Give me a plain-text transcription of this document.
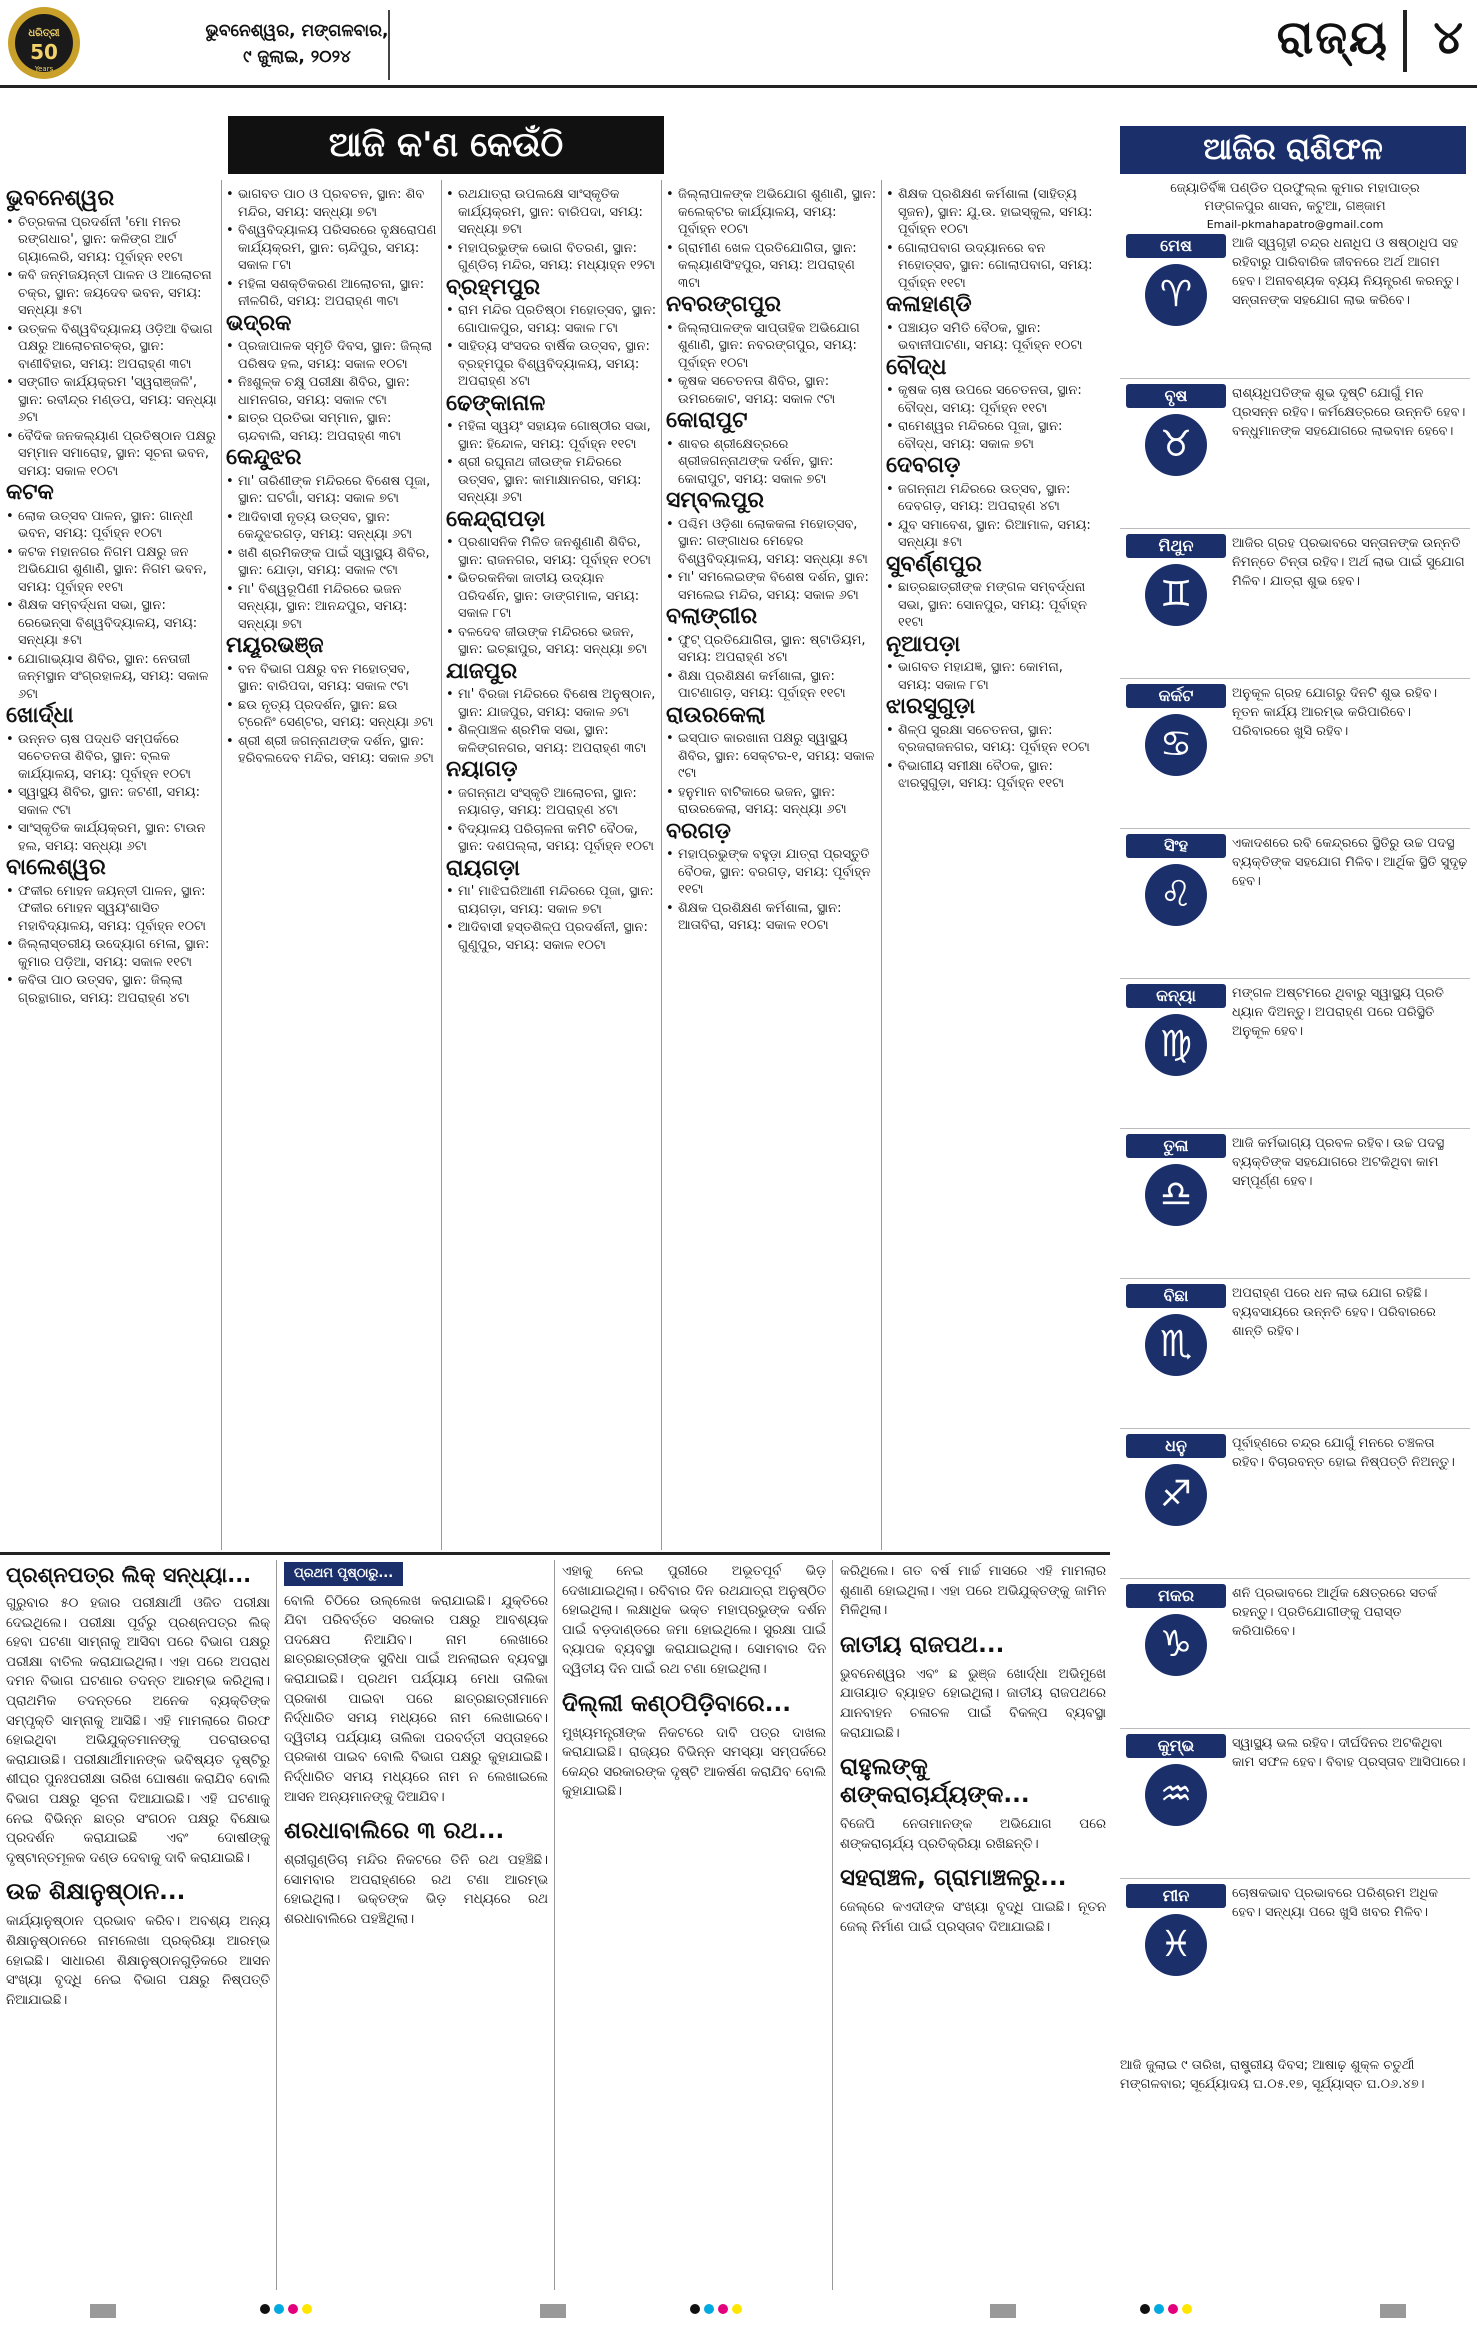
ଧରିତ୍ରୀ
50
Years
ଭୁବନେଶ୍ୱର, ମଙ୍ଗଳବାର,
୯ ଜୁଲାଇ, ୨୦୨୪	ରାଜ୍ୟ ୪
ଆଜି କ'ଣ କେଉଁଠି
ଭୁବନେଶ୍ୱର
• ଚିତ୍ରକଳା ପ୍ରଦର୍ଶନୀ 'ମୋ ମନର ରଙ୍ଗଧାର', ସ୍ଥାନ: କଳିଙ୍ଗ ଆର୍ଟ ଗ୍ୟାଲେରି, ସମୟ: ପୂର୍ବାହ୍ନ ୧୧ଟା
• କବି ଜନ୍ମଜୟନ୍ତୀ ପାଳନ ଓ ଆଲୋଚନା ଚକ୍ର, ସ୍ଥାନ: ଜୟଦେବ ଭବନ, ସମୟ: ସନ୍ଧ୍ୟା ୫ଟା
• ଉତ୍କଳ ବିଶ୍ୱବିଦ୍ୟାଳୟ ଓଡ଼ିଆ ବିଭାଗ ପକ୍ଷରୁ ଆଲୋଚନାଚକ୍ର, ସ୍ଥାନ: ବାଣୀବିହାର, ସମୟ: ଅପରାହ୍ଣ ୩ଟା
• ସଙ୍ଗୀତ କାର୍ଯ୍ୟକ୍ରମ 'ସ୍ୱରାଞ୍ଜଳି', ସ୍ଥାନ: ରବୀନ୍ଦ୍ର ମଣ୍ଡପ, ସମୟ: ସନ୍ଧ୍ୟା ୬ଟା
• ବୈଦିକ ଜନକଲ୍ୟାଣ ପ୍ରତିଷ୍ଠାନ ପକ୍ଷରୁ ସମ୍ମାନ ସମାରୋହ, ସ୍ଥାନ: ସୂଚନା ଭବନ, ସମୟ: ସକାଳ ୧୦ଟା
କଟକ
• ଲୋକ ଉତ୍ସବ ପାଳନ, ସ୍ଥାନ: ଗାନ୍ଧୀ ଭବନ, ସମୟ: ପୂର୍ବାହ୍ନ ୧୦ଟା
• କଟକ ମହାନଗର ନିଗମ ପକ୍ଷରୁ ଜନ ଅଭିଯୋଗ ଶୁଣାଣି, ସ୍ଥାନ: ନିଗମ ଭବନ, ସମୟ: ପୂର୍ବାହ୍ନ ୧୧ଟା
• ଶିକ୍ଷକ ସମ୍ବର୍ଦ୍ଧନା ସଭା, ସ୍ଥାନ: ରେଭେନ୍ସା ବିଶ୍ୱବିଦ୍ୟାଳୟ, ସମୟ: ସନ୍ଧ୍ୟା ୫ଟା
• ଯୋଗାଭ୍ୟାସ ଶିବିର, ସ୍ଥାନ: ନେତାଜୀ ଜନ୍ମସ୍ଥାନ ସଂଗ୍ରହାଳୟ, ସମୟ: ସକାଳ ୬ଟା
ଖୋର୍ଦ୍ଧା
• ଉନ୍ନତ ଚାଷ ପଦ୍ଧତି ସମ୍ପର୍କରେ ସଚେତନତା ଶିବିର, ସ୍ଥାନ: ବ୍ଲକ କାର୍ଯ୍ୟାଳୟ, ସମୟ: ପୂର୍ବାହ୍ନ ୧୦ଟା
• ସ୍ୱାସ୍ଥ୍ୟ ଶିବିର, ସ୍ଥାନ: ଜଟଣୀ, ସମୟ: ସକାଳ ୯ଟା
• ସାଂସ୍କୃତିକ କାର୍ଯ୍ୟକ୍ରମ, ସ୍ଥାନ: ଟାଉନ ହଲ, ସମୟ: ସନ୍ଧ୍ୟା ୬ଟା
ବାଲେଶ୍ୱର
• ଫକୀର ମୋହନ ଜୟନ୍ତୀ ପାଳନ, ସ୍ଥାନ: ଫକୀର ମୋହନ ସ୍ୱୟଂଶାସିତ ମହାବିଦ୍ୟାଳୟ, ସମୟ: ପୂର୍ବାହ୍ନ ୧୦ଟା
• ଜିଲ୍ଲାସ୍ତରୀୟ ଉଦ୍ୟୋଗ ମେଳା, ସ୍ଥାନ: କୁମାର ପଡ଼ିଆ, ସମୟ: ସକାଳ ୧୧ଟା
• କବିତା ପାଠ ଉତ୍ସବ, ସ୍ଥାନ: ଜିଲ୍ଲା ଗ୍ରନ୍ଥାଗାର, ସମୟ: ଅପରାହ୍ଣ ୪ଟା
• ଭାଗବତ ପାଠ ଓ ପ୍ରବଚନ, ସ୍ଥାନ: ଶିବ ମନ୍ଦିର, ସମୟ: ସନ୍ଧ୍ୟା ୭ଟା
• ବିଶ୍ୱବିଦ୍ୟାଳୟ ପରିସରରେ ବୃକ୍ଷରୋପଣ କାର୍ଯ୍ୟକ୍ରମ, ସ୍ଥାନ: ଚାନ୍ଦିପୁର, ସମୟ: ସକାଳ ୮ଟା
• ମହିଳା ସଶକ୍ତିକରଣ ଆଲୋଚନା, ସ୍ଥାନ: ନୀଳଗିରି, ସମୟ: ଅପରାହ୍ଣ ୩ଟା
ଭଦ୍ରକ
• ପ୍ରଜାପାଳକ ସ୍ମୃତି ଦିବସ, ସ୍ଥାନ: ଜିଲ୍ଲା ପରିଷଦ ହଲ, ସମୟ: ସକାଳ ୧୦ଟା
• ନିଃଶୁଳ୍କ ଚକ୍ଷୁ ପରୀକ୍ଷା ଶିବିର, ସ୍ଥାନ: ଧାମନଗର, ସମୟ: ସକାଳ ୯ଟା
• ଛାତ୍ର ପ୍ରତିଭା ସମ୍ମାନ, ସ୍ଥାନ: ଚାନ୍ଦବାଲି, ସମୟ: ଅପରାହ୍ଣ ୩ଟା
କେନ୍ଦୁଝର
• ମା' ତାରିଣୀଙ୍କ ମନ୍ଦିରରେ ବିଶେଷ ପୂଜା, ସ୍ଥାନ: ଘଟଗାଁ, ସମୟ: ସକାଳ ୭ଟା
• ଆଦିବାସୀ ନୃତ୍ୟ ଉତ୍ସବ, ସ୍ଥାନ: କେନ୍ଦୁଝରଗଡ଼, ସମୟ: ସନ୍ଧ୍ୟା ୬ଟା
• ଖଣି ଶ୍ରମିକଙ୍କ ପାଇଁ ସ୍ୱାସ୍ଥ୍ୟ ଶିବିର, ସ୍ଥାନ: ଯୋଡ଼ା, ସମୟ: ସକାଳ ୯ଟା
• ମା' ବିଶ୍ୱରୂପିଣୀ ମନ୍ଦିରରେ ଭଜନ ସନ୍ଧ୍ୟା, ସ୍ଥାନ: ଆନନ୍ଦପୁର, ସମୟ: ସନ୍ଧ୍ୟା ୭ଟା
ମୟୂରଭଞ୍ଜ
• ବନ ବିଭାଗ ପକ୍ଷରୁ ବନ ମହୋତ୍ସବ, ସ୍ଥାନ: ବାରିପଦା, ସମୟ: ସକାଳ ୯ଟା
• ଛଉ ନୃତ୍ୟ ପ୍ରଦର୍ଶନ, ସ୍ଥାନ: ଛଉ ଟ୍ରେନିଂ ସେଣ୍ଟର, ସମୟ: ସନ୍ଧ୍ୟା ୬ଟା
• ଶ୍ରୀ ଶ୍ରୀ ଜଗନ୍ନାଥଙ୍କ ଦର୍ଶନ, ସ୍ଥାନ: ହରିବଲଦେବ ମନ୍ଦିର, ସମୟ: ସକାଳ ୬ଟା
• ରଥଯାତ୍ରା ଉପଲକ୍ଷେ ସାଂସ୍କୃତିକ କାର୍ଯ୍ୟକ୍ରମ, ସ୍ଥାନ: ବାରିପଦା, ସମୟ: ସନ୍ଧ୍ୟା ୭ଟା
• ମହାପ୍ରଭୁଙ୍କ ଭୋଗ ବିତରଣ, ସ୍ଥାନ: ଗୁଣ୍ଡିଚା ମନ୍ଦିର, ସମୟ: ମଧ୍ୟାହ୍ନ ୧୨ଟା
ବ୍ରହ୍ମପୁର
• ରାମ ମନ୍ଦିର ପ୍ରତିଷ୍ଠା ମହୋତ୍ସବ, ସ୍ଥାନ: ଗୋପାଳପୁର, ସମୟ: ସକାଳ ୮ଟା
• ସାହିତ୍ୟ ସଂସଦର ବାର୍ଷିକ ଉତ୍ସବ, ସ୍ଥାନ: ବ୍ରହ୍ମପୁର ବିଶ୍ୱବିଦ୍ୟାଳୟ, ସମୟ: ଅପରାହ୍ଣ ୪ଟା
ଢେଙ୍କାନାଳ
• ମହିଳା ସ୍ୱୟଂ ସହାୟକ ଗୋଷ୍ଠୀର ସଭା, ସ୍ଥାନ: ହିନ୍ଦୋଳ, ସମୟ: ପୂର୍ବାହ୍ନ ୧୧ଟା
• ଶ୍ରୀ ରଘୁନାଥ ଜୀଉଙ୍କ ମନ୍ଦିରରେ ଉତ୍ସବ, ସ୍ଥାନ: କାମାକ୍ଷାନଗର, ସମୟ: ସନ୍ଧ୍ୟା ୬ଟା
କେନ୍ଦ୍ରାପଡ଼ା
• ପ୍ରଶାସନିକ ମିଳିତ ଜନଶୁଣାଣି ଶିବିର, ସ୍ଥାନ: ରାଜନଗର, ସମୟ: ପୂର୍ବାହ୍ନ ୧୦ଟା
• ଭିତରକନିକା ଜାତୀୟ ଉଦ୍ୟାନ ପରିଦର୍ଶନ, ସ୍ଥାନ: ଡାଙ୍ଗମାଳ, ସମୟ: ସକାଳ ୮ଟା
• ବଳଦେବ ଜୀଉଙ୍କ ମନ୍ଦିରରେ ଭଜନ, ସ୍ଥାନ: ଇଚ୍ଛାପୁର, ସମୟ: ସନ୍ଧ୍ୟା ୭ଟା
ଯାଜପୁର
• ମା' ବିରଜା ମନ୍ଦିରରେ ବିଶେଷ ଅନୁଷ୍ଠାନ, ସ୍ଥାନ: ଯାଜପୁର, ସମୟ: ସକାଳ ୬ଟା
• ଶିଳ୍ପାଞ୍ଚଳ ଶ୍ରମିକ ସଭା, ସ୍ଥାନ: କଳିଙ୍ଗନଗର, ସମୟ: ଅପରାହ୍ଣ ୩ଟା
ନୟାଗଡ଼
• ଜଗନ୍ନାଥ ସଂସ୍କୃତି ଆଲୋଚନା, ସ୍ଥାନ: ନୟାଗଡ଼, ସମୟ: ଅପରାହ୍ଣ ୪ଟା
• ବିଦ୍ୟାଳୟ ପରିଚାଳନା କମିଟି ବୈଠକ, ସ୍ଥାନ: ଦଶପଲ୍ଲା, ସମୟ: ପୂର୍ବାହ୍ନ ୧୦ଟା
ରାୟଗଡ଼ା
• ମା' ମାଝିଘରିଆଣୀ ମନ୍ଦିରରେ ପୂଜା, ସ୍ଥାନ: ରାୟଗଡ଼ା, ସମୟ: ସକାଳ ୭ଟା
• ଆଦିବାସୀ ହସ୍ତଶିଳ୍ପ ପ୍ରଦର୍ଶନୀ, ସ୍ଥାନ: ଗୁଣୁପୁର, ସମୟ: ସକାଳ ୧୦ଟା
• ଜିଲ୍ଲାପାଳଙ୍କ ଅଭିଯୋଗ ଶୁଣାଣି, ସ୍ଥାନ: କଲେକ୍ଟର କାର୍ଯ୍ୟାଳୟ, ସମୟ: ପୂର୍ବାହ୍ନ ୧୦ଟା
• ଗ୍ରାମୀଣ ଖେଳ ପ୍ରତିଯୋଗିତା, ସ୍ଥାନ: କଲ୍ୟାଣସିଂହପୁର, ସମୟ: ଅପରାହ୍ଣ ୩ଟା
ନବରଙ୍ଗପୁର
• ଜିଲ୍ଲାପାଳଙ୍କ ସାପ୍ତାହିକ ଅଭିଯୋଗ ଶୁଣାଣି, ସ୍ଥାନ: ନବରଙ୍ଗପୁର, ସମୟ: ପୂର୍ବାହ୍ନ ୧୦ଟା
• କୃଷକ ସଚେତନତା ଶିବିର, ସ୍ଥାନ: ଉମରକୋଟ, ସମୟ: ସକାଳ ୯ଟା
କୋରାପୁଟ
• ଶାବର ଶ୍ରୀକ୍ଷେତ୍ରରେ ଶ୍ରୀଜଗନ୍ନାଥଙ୍କ ଦର୍ଶନ, ସ୍ଥାନ: କୋରାପୁଟ, ସମୟ: ସକାଳ ୭ଟା
ସମ୍ବଲପୁର
• ପଶ୍ଚିମ ଓଡ଼ିଶା ଲୋକକଳା ମହୋତ୍ସବ, ସ୍ଥାନ: ଗଙ୍ଗାଧର ମେହେର ବିଶ୍ୱବିଦ୍ୟାଳୟ, ସମୟ: ସନ୍ଧ୍ୟା ୫ଟା
• ମା' ସମଲେଇଙ୍କ ବିଶେଷ ଦର୍ଶନ, ସ୍ଥାନ: ସମଲେଇ ମନ୍ଦିର, ସମୟ: ସକାଳ ୬ଟା
ବଲାଙ୍ଗୀର
• ଫୁଟ୍ ପ୍ରତିଯୋଗିତା, ସ୍ଥାନ: ଷ୍ଟାଡିୟମ, ସମୟ: ଅପରାହ୍ଣ ୪ଟା
• ଶିକ୍ଷା ପ୍ରଶିକ୍ଷଣ କର୍ମଶାଳା, ସ୍ଥାନ: ପାଟଣାଗଡ଼, ସମୟ: ପୂର୍ବାହ୍ନ ୧୧ଟା
ରାଉରକେଲା
• ଇସ୍ପାତ କାରଖାନା ପକ୍ଷରୁ ସ୍ୱାସ୍ଥ୍ୟ ଶିବିର, ସ୍ଥାନ: ସେକ୍ଟର-୧, ସମୟ: ସକାଳ ୯ଟା
• ହନୁମାନ ବାଟିକାରେ ଭଜନ, ସ୍ଥାନ: ରାଉରକେଲା, ସମୟ: ସନ୍ଧ୍ୟା ୬ଟା
ବରଗଡ଼
• ମହାପ୍ରଭୁଙ୍କ ବହୁଡ଼ା ଯାତ୍ରା ପ୍ରସ୍ତୁତି ବୈଠକ, ସ୍ଥାନ: ବରଗଡ଼, ସମୟ: ପୂର୍ବାହ୍ନ ୧୧ଟା
• ଶିକ୍ଷକ ପ୍ରଶିକ୍ଷଣ କର୍ମଶାଳା, ସ୍ଥାନ: ଆତାବିରା, ସମୟ: ସକାଳ ୧୦ଟା
• ଶିକ୍ଷକ ପ୍ରଶିକ୍ଷଣ କର୍ମଶାଳା (ସାହିତ୍ୟ ସୃଜନ), ସ୍ଥାନ: ଯୁ.ଉ. ହାଇସ୍କୁଲ, ସମୟ: ପୂର୍ବାହ୍ନ ୧୦ଟା
• ଗୋଲାପବାଗ ଉଦ୍ୟାନରେ ବନ ମହୋତ୍ସବ, ସ୍ଥାନ: ଗୋଲାପବାଗ, ସମୟ: ପୂର୍ବାହ୍ନ ୧୧ଟା
କଳାହାଣ୍ଡି
• ପଞ୍ଚାୟତ ସମିତି ବୈଠକ, ସ୍ଥାନ: ଭବାନୀପାଟଣା, ସମୟ: ପୂର୍ବାହ୍ନ ୧୦ଟା
ବୌଦ୍ଧ
• କୃଷକ ଚାଷ ଉପରେ ସଚେତନତା, ସ୍ଥାନ: ବୌଦ୍ଧ, ସମୟ: ପୂର୍ବାହ୍ନ ୧୧ଟା
• ରାମେଶ୍ୱର ମନ୍ଦିରରେ ପୂଜା, ସ୍ଥାନ: ବୌଦ୍ଧ, ସମୟ: ସକାଳ ୭ଟା
ଦେବଗଡ଼
• ଜଗନ୍ନାଥ ମନ୍ଦିରରେ ଉତ୍ସବ, ସ୍ଥାନ: ଦେବଗଡ଼, ସମୟ: ଅପରାହ୍ଣ ୪ଟା
• ଯୁବ ସମାବେଶ, ସ୍ଥାନ: ରିଆମାଳ, ସମୟ: ସନ୍ଧ୍ୟା ୫ଟା
ସୁବର୍ଣ୍ଣପୁର
• ଛାତ୍ରଛାତ୍ରୀଙ୍କ ମଙ୍ଗଳ ସମ୍ବର୍ଦ୍ଧନା ସଭା, ସ୍ଥାନ: ସୋନପୁର, ସମୟ: ପୂର୍ବାହ୍ନ ୧୧ଟା
ନୂଆପଡ଼ା
• ଭାଗବତ ମହାଯଜ୍ଞ, ସ୍ଥାନ: କୋମନା, ସମୟ: ସକାଳ ୮ଟା
ଝାରସୁଗୁଡ଼ା
• ଶିଳ୍ପ ସୁରକ୍ଷା ସଚେତନତା, ସ୍ଥାନ: ବ୍ରଜରାଜନଗର, ସମୟ: ପୂର୍ବାହ୍ନ ୧୦ଟା
• ବିଭାଗୀୟ ସମୀକ୍ଷା ବୈଠକ, ସ୍ଥାନ: ଝାରସୁଗୁଡ଼ା, ସମୟ: ପୂର୍ବାହ୍ନ ୧୧ଟା
ଆଜିର ରାଶିଫଳ
ଜ୍ୟୋତିର୍ବିଜ୍ଞ ପଣ୍ଡିତ ପ୍ରଫୁଲ୍ଲ କୁମାର ମହାପାତ୍ର
ମଙ୍ଗଳପୁର ଶାସନ, କଟୁଆ, ଗଞ୍ଜାମ
Email-pkmahapatro@gmail.com
ମେଷ
♈
ଆଜି ସ୍ୱଗୃହୀ ଚନ୍ଦ୍ର ଧନାଧିପ ଓ ଷଷ୍ଠାଧିପ ସହ ରହିବାରୁ ପାରିବାରିକ ଜୀବନରେ ଅର୍ଥ ଆଗମ ହେବ। ଅନାବଶ୍ୟକ ବ୍ୟୟ ନିୟନ୍ତ୍ରଣ କରନ୍ତୁ। ସନ୍ତାନଙ୍କ ସହଯୋଗ ଲାଭ କରିବେ।
ବୃଷ
♉
ରାଶ୍ୟଧିପତିଙ୍କ ଶୁଭ ଦୃଷ୍ଟି ଯୋଗୁଁ ମନ ପ୍ରସନ୍ନ ରହିବ। କର୍ମକ୍ଷେତ୍ରରେ ଉନ୍ନତି ହେବ। ବନ୍ଧୁମାନଙ୍କ ସହଯୋଗରେ ଲାଭବାନ ହେବେ।
ମିଥୁନ
♊
ଆଜିର ଗ୍ରହ ପ୍ରଭାବରେ ସନ୍ତାନଙ୍କ ଉନ୍ନତି ନିମନ୍ତେ ଚିନ୍ତା ରହିବ। ଅର୍ଥ ଲାଭ ପାଇଁ ସୁଯୋଗ ମିଳିବ। ଯାତ୍ରା ଶୁଭ ହେବ।
କର୍କଟ
♋
ଅନୁକୂଳ ଗ୍ରହ ଯୋଗରୁ ଦିନଟି ଶୁଭ ରହିବ। ନୂତନ କାର୍ଯ୍ୟ ଆରମ୍ଭ କରିପାରିବେ। ପରିବାରରେ ଖୁସି ରହିବ।
ସିଂହ
♌
ଏକାଦଶରେ ରବି କେନ୍ଦ୍ରରେ ସ୍ଥିତିରୁ ଉଚ୍ଚ ପଦସ୍ଥ ବ୍ୟକ୍ତିଙ୍କ ସହଯୋଗ ମିଳିବ। ଆର୍ଥିକ ସ୍ଥିତି ସୁଦୃଢ଼ ହେବ।
କନ୍ୟା
♍
ମଙ୍ଗଳ ଅଷ୍ଟମରେ ଥିବାରୁ ସ୍ୱାସ୍ଥ୍ୟ ପ୍ରତି ଧ୍ୟାନ ଦିଅନ୍ତୁ। ଅପରାହ୍ଣ ପରେ ପରିସ୍ଥିତି ଅନୁକୂଳ ହେବ।
ତୁଳା
♎
ଆଜି କର୍ମଭାଗ୍ୟ ପ୍ରବଳ ରହିବ। ଉଚ୍ଚ ପଦସ୍ଥ ବ୍ୟକ୍ତିଙ୍କ ସହଯୋଗରେ ଅଟକିଥିବା କାମ ସମ୍ପୂର୍ଣ୍ଣ ହେବ।
ବିଛା
♏
ଅପରାହ୍ଣ ପରେ ଧନ ଲାଭ ଯୋଗ ରହିଛି। ବ୍ୟବସାୟରେ ଉନ୍ନତି ହେବ। ପରିବାରରେ ଶାନ୍ତି ରହିବ।
ଧନୁ
♐
ପୂର୍ବାହ୍ଣରେ ଚନ୍ଦ୍ର ଯୋଗୁଁ ମନରେ ଚଞ୍ଚଳତା ରହିବ। ବିଚାରବନ୍ତ ହୋଇ ନିଷ୍ପତ୍ତି ନିଅନ୍ତୁ।
ମକର
♑
ଶନି ପ୍ରଭାବରେ ଆର୍ଥିକ କ୍ଷେତ୍ରରେ ସତର୍କ ରହନ୍ତୁ। ପ୍ରତିଯୋଗୀଙ୍କୁ ପରାସ୍ତ କରିପାରିବେ।
କୁମ୍ଭ
♒
ସ୍ୱାସ୍ଥ୍ୟ ଭଲ ରହିବ। ଦୀର୍ଘଦିନର ଅଟକିଥିବା କାମ ସଫଳ ହେବ। ବିବାହ ପ୍ରସ୍ତାବ ଆସିପାରେ।
ମୀନ
♓
ଚୋଷକଭାବ ପ୍ରଭାବରେ ପରିଶ୍ରମ ଅଧିକ ହେବ। ସନ୍ଧ୍ୟା ପରେ ଖୁସି ଖବର ମିଳିବ।
ଆଜି ଜୁଲାଇ ୯ ତାରିଖ, ରାଷ୍ଟ୍ରୀୟ ଦିବସ; ଆଷାଢ଼ ଶୁକ୍ଳ ଚତୁର୍ଥୀ ମଙ୍ଗଳବାର; ସୂର୍ଯ୍ୟୋଦୟ ଘ.୦୫.୧୭, ସୂର୍ଯ୍ୟାସ୍ତ ଘ.୦୬.୪୭।
ପ୍ରଶ୍ନପତ୍ର ଲିକ୍ ସନ୍ଧ୍ୟା...

ଗୁରୁବାର ୫୦ ହଜାର ପରୀକ୍ଷାର୍ଥୀ ଓଜିତ ପରୀକ୍ଷା ଦେଇଥିଲେ। ପରୀକ୍ଷା ପୂର୍ବରୁ ପ୍ରଶ୍ନପତ୍ର ଲିକ୍ ହେବା ଘଟଣା ସାମ୍ନାକୁ ଆସିବା ପରେ ବିଭାଗ ପକ୍ଷରୁ ପରୀକ୍ଷା ବାତିଲ କରାଯାଇଥିଲା। ଏହା ପରେ ଅପରାଧ ଦମନ ବିଭାଗ ଘଟଣାର ତଦନ୍ତ ଆରମ୍ଭ କରିଥିଲା। ପ୍ରାଥମିକ ତଦନ୍ତରେ ଅନେକ ବ୍ୟକ୍ତିଙ୍କ ସମ୍ପୃକ୍ତି ସାମ୍ନାକୁ ଆସିଛି। ଏହି ମାମଲାରେ ଗିରଫ ହୋଇଥିବା ଅଭିଯୁକ୍ତମାନଙ୍କୁ ପଚରାଉଚରା କରାଯାଉଛି। ପରୀକ୍ଷାର୍ଥୀମାନଙ୍କ ଭବିଷ୍ୟତ ଦୃଷ୍ଟିରୁ ଶୀଘ୍ର ପୁନଃପରୀକ୍ଷା ତାରିଖ ଘୋଷଣା କରାଯିବ ବୋଲି ବିଭାଗ ପକ୍ଷରୁ ସୂଚନା ଦିଆଯାଇଛି। ଏହି ଘଟଣାକୁ ନେଇ ବିଭିନ୍ନ ଛାତ୍ର ସଂଗଠନ ପକ୍ଷରୁ ବିକ୍ଷୋଭ ପ୍ରଦର୍ଶନ କରାଯାଇଛି ଏବଂ ଦୋଷୀଙ୍କୁ ଦୃଷ୍ଟାନ୍ତମୂଳକ ଦଣ୍ଡ ଦେବାକୁ ଦାବି କରାଯାଇଛି।

ଉଚ୍ଚ ଶିକ୍ଷାନୁଷ୍ଠାନ...

କାର୍ଯ୍ୟାନୁଷ୍ଠାନ ପ୍ରଭାବ କରିବ। ଅବଶ୍ୟ ଅନ୍ୟ ଶିକ୍ଷାନୁଷ୍ଠାନରେ ନାମଲେଖା ପ୍ରକ୍ରିୟା ଆରମ୍ଭ ହୋଇଛି। ସାଧାରଣ ଶିକ୍ଷାନୁଷ୍ଠାନଗୁଡ଼ିକରେ ଆସନ ସଂଖ୍ୟା ବୃଦ୍ଧି ନେଇ ବିଭାଗ ପକ୍ଷରୁ ନିଷ୍ପତ୍ତି ନିଆଯାଇଛି।

ପ୍ରଥମ ପୃଷ୍ଠାରୁ...

ବୋଲି ଚିଠିରେ ଉଲ୍ଲେଖ କରାଯାଇଛି। ଯୁକ୍ତିରେ ଯିବା ପରିବର୍ତ୍ତେ ସରକାର ପକ୍ଷରୁ ଆବଶ୍ୟକ ପଦକ୍ଷେପ ନିଆଯିବ। ନାମ ଲେଖାରେ ଛାତ୍ରଛାତ୍ରୀଙ୍କ ସୁବିଧା ପାଇଁ ଅନଲାଇନ ବ୍ୟବସ୍ଥା କରାଯାଇଛି। ପ୍ରଥମ ପର୍ଯ୍ୟାୟ ମେଧା ତାଲିକା ପ୍ରକାଶ ପାଇବା ପରେ ଛାତ୍ରଛାତ୍ରୀମାନେ ନିର୍ଦ୍ଧାରିତ ସମୟ ମଧ୍ୟରେ ନାମ ଲେଖାଇବେ। ଦ୍ୱିତୀୟ ପର୍ଯ୍ୟାୟ ତାଲିକା ପରବର୍ତ୍ତୀ ସପ୍ତାହରେ ପ୍ରକାଶ ପାଇବ ବୋଲି ବିଭାଗ ପକ୍ଷରୁ କୁହାଯାଇଛି। ନିର୍ଦ୍ଧାରିତ ସମୟ ମଧ୍ୟରେ ନାମ ନ ଲେଖାଇଲେ ଆସନ ଅନ୍ୟମାନଙ୍କୁ ଦିଆଯିବ।

ଶରଧାବାଲିରେ ୩ ରଥ...

ଶ୍ରୀଗୁଣ୍ଡିଚା ମନ୍ଦିର ନିକଟରେ ତିନି ରଥ ପହଞ୍ଚିଛି। ସୋମବାର ଅପରାହ୍ଣରେ ରଥ ଟଣା ଆରମ୍ଭ ହୋଇଥିଲା। ଭକ୍ତଙ୍କ ଭିଡ଼ ମଧ୍ୟରେ ରଥ ଶରଧାବାଲିରେ ପହଞ୍ଚିଥିଲା।

ଏହାକୁ ନେଇ ପୁରୀରେ ଅଭୂତପୂର୍ବ ଭିଡ଼ ଦେଖାଯାଇଥିଲା। ରବିବାର ଦିନ ରଥଯାତ୍ରା ଅନୁଷ୍ଠିତ ହୋଇଥିଲା। ଲକ୍ଷାଧିକ ଭକ୍ତ ମହାପ୍ରଭୁଙ୍କ ଦର୍ଶନ ପାଇଁ ବଡ଼ଦାଣ୍ଡରେ ଜମା ହୋଇଥିଲେ। ସୁରକ୍ଷା ପାଇଁ ବ୍ୟାପକ ବ୍ୟବସ୍ଥା କରାଯାଇଥିଲା। ସୋମବାର ଦିନ ଦ୍ୱିତୀୟ ଦିନ ପାଇଁ ରଥ ଟଣା ହୋଇଥିଲା।

ଦିଲ୍ଲୀ କଣ୍ଠପିଡ଼ିବାରେ...

ମୁଖ୍ୟମନ୍ତ୍ରୀଙ୍କ ନିକଟରେ ଦାବି ପତ୍ର ଦାଖଲ କରାଯାଇଛି। ରାଜ୍ୟର ବିଭିନ୍ନ ସମସ୍ୟା ସମ୍ପର୍କରେ କେନ୍ଦ୍ର ସରକାରଙ୍କ ଦୃଷ୍ଟି ଆକର୍ଷଣ କରାଯିବ ବୋଲି କୁହାଯାଇଛି।

କରିଥିଲେ। ଗତ ବର୍ଷ ମାର୍ଚ୍ଚ ମାସରେ ଏହି ମାମଲାର ଶୁଣାଣି ହୋଇଥିଲା। ଏହା ପରେ ଅଭିଯୁକ୍ତଙ୍କୁ ଜାମିନ ମିଳିଥିଲା।

ଜାତୀୟ ରାଜପଥ...

ଭୁବନେଶ୍ୱର ଏବଂ ଛ ଭୁଞ୍ଜ ଖୋର୍ଦ୍ଧା ଅଭିମୁଖେ ଯାତାୟାତ ବ୍ୟାହତ ହୋଇଥିଲା। ଜାତୀୟ ରାଜପଥରେ ଯାନବାହନ ଚଳାଚଳ ପାଇଁ ବିକଳ୍ପ ବ୍ୟବସ୍ଥା କରାଯାଇଛି।

ରାହୁଲଙ୍କୁ ଶଙ୍କରାଚାର୍ଯ୍ୟଙ୍କ...

ବିଜେପି ନେତାମାନଙ୍କ ଅଭିଯୋଗ ପରେ ଶଙ୍କରାଚାର୍ଯ୍ୟ ପ୍ରତିକ୍ରିୟା ରଖିଛନ୍ତି।

ସହରାଞ୍ଚଳ, ଗ୍ରାମାଞ୍ଚଳରୁ...

ଜେଲ୍‌ରେ କଏଦୀଙ୍କ ସଂଖ୍ୟା ବୃଦ୍ଧି ପାଇଛି। ନୂତନ ଜେଲ୍ ନିର୍ମାଣ ପାଇଁ ପ୍ରସ୍ତାବ ଦିଆଯାଇଛି।
